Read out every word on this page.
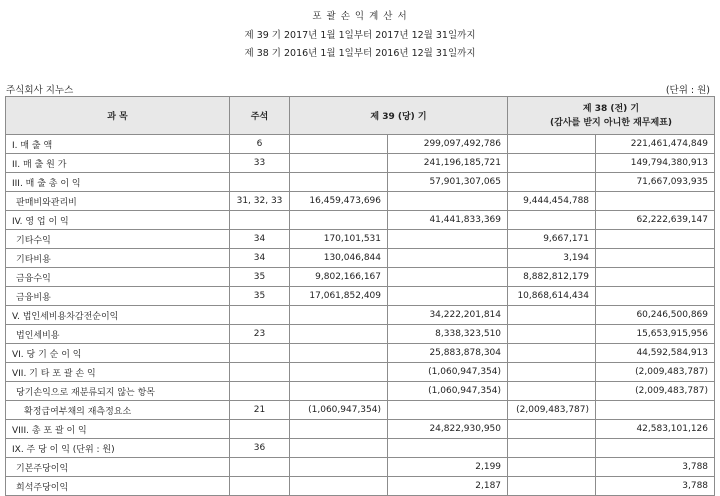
포 괄 손 익 계 산 서
제 39 기 2017년 1월 1일부터 2017년 12월 31일까지
제 38 기 2016년 1월 1일부터 2016년 12월 31일까지
주식회사 지누스	(단위 : 원)
과 목	주석	제 39 (당) 기		제 38 (전) 기
(감사를 받지 아니한 재무제표)	

I. 매 출 액	6		299,097,492,786		221,461,474,849
II. 매 출 원 가	33		241,196,185,721		149,794,380,913
III. 매 출 총 이 익			57,901,307,065		71,667,093,935
판매비와관리비	31, 32, 33	16,459,473,696		9,444,454,788	
IV. 영 업 이 익			41,441,833,369		62,222,639,147
기타수익	34	170,101,531		9,667,171	
기타비용	34	130,046,844		3,194	
금융수익	35	9,802,166,167		8,882,812,179	
금융비용	35	17,061,852,409		10,868,614,434	
V. 법인세비용차감전순이익			34,222,201,814		60,246,500,869
법인세비용	23		8,338,323,510		15,653,915,956
VI. 당 기 순 이 익			25,883,878,304		44,592,584,913
VII. 기 타 포 괄 손 익			(1,060,947,354)		(2,009,483,787)
당기손익으로 재분류되지 않는 항목			(1,060,947,354)		(2,009,483,787)
확정급여부채의 재측정요소	21	(1,060,947,354)		(2,009,483,787)	
VIII. 총 포 괄 이 익			24,822,930,950		42,583,101,126
IX. 주 당 이 익 (단위 : 원)	36				
기본주당이익			2,199		3,788
희석주당이익			2,187		3,788
